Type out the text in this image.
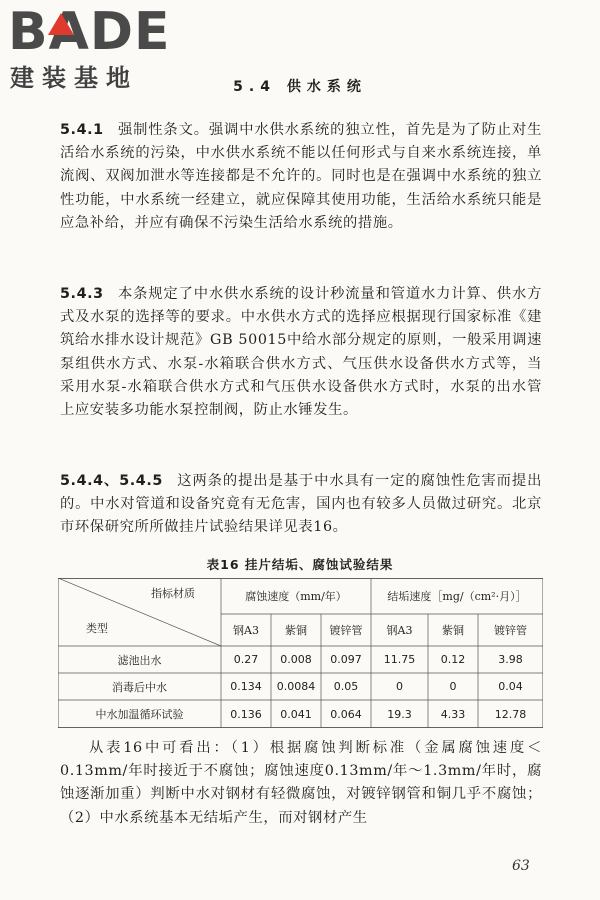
BADE
建装基地	5.4 供水系统
5.4.1 强制性条文。强调中水供水系统的独立性，首先是为了防止对生活给水系统的污染，中水供水系统不能以任何形式与自来水系统连接，单流阀、双阀加泄水等连接都是不允许的。同时也是在强调中水系统的独立性功能，中水系统一经建立，就应保障其使用功能，生活给水系统只能是应急补给，并应有确保不污染生活给水系统的措施。
5.4.3 本条规定了中水供水系统的设计秒流量和管道水力计算、供水方式及水泵的选择等的要求。中水供水方式的选择应根据现行国家标准《建筑给水排水设计规范》GB 50015中给水部分规定的原则，一般采用调速泵组供水方式、水泵-水箱联合供水方式、气压供水设备供水方式等，当采用水泵-水箱联合供水方式和气压供水设备供水方式时，水泵的出水管上应安装多功能水泵控制阀，防止水锤发生。
5.4.4、5.4.5 这两条的提出是基于中水具有一定的腐蚀性危害而提出的。中水对管道和设备究竟有无危害，国内也有较多人员做过研究。北京市环保研究所所做挂片试验结果详见表16。
表16 挂片结垢、腐蚀试验结果
指标材质
类型
腐蚀速度（mm/年）	结垢速度［mg/（cm²·月）］
钢A3	紫铜	镀锌管	钢A3	紫铜	镀锌管
滤池出水	0.27	0.008	0.097	11.75	0.12	3.98
消毒后中水	0.134	0.0084	0.05	0	0	0.04
中水加温循环试验	0.136	0.041	0.064	19.3	4.33	12.78
从表16中可看出：（1）根据腐蚀判断标准（金属腐蚀速度＜0.13mm/年时接近于不腐蚀；腐蚀速度0.13mm/年～1.3mm/年时，腐蚀逐渐加重）判断中水对钢材有轻微腐蚀，对镀锌钢管和铜几乎不腐蚀；（2）中水系统基本无结垢产生，而对钢材产生
63
